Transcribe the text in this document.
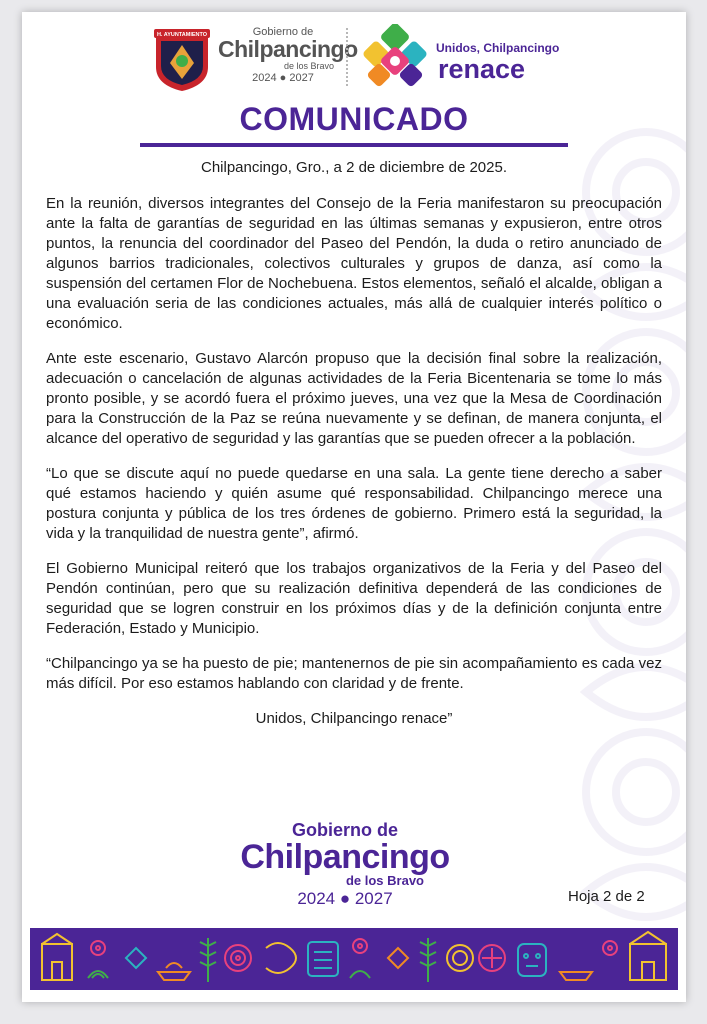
H. AYUNTAMIENTO	Gobierno de
Chilpancingo
de los Bravo
2024 ● 2027
Unidos, Chilpancingo
renace
COMUNICADO

Chilpancingo, Gro., a 2 de diciembre de 2025.

En la reunión, diversos integrantes del Consejo de la Feria manifestaron su preocupación ante la falta de garantías de seguridad en las últimas semanas y expusieron, entre otros puntos, la renuncia del coordinador del Paseo del Pendón, la duda o retiro anunciado de algunos barrios tradicionales, colectivos culturales y grupos de danza, así como la suspensión del certamen Flor de Nochebuena. Estos elementos, señaló el alcalde, obligan a una evaluación seria de las condiciones actuales, más allá de cualquier interés político o económico.

Ante este escenario, Gustavo Alarcón propuso que la decisión final sobre la realización, adecuación o cancelación de algunas actividades de la Feria Bicentenaria se tome lo más pronto posible, y se acordó fuera el próximo jueves, una vez que la Mesa de Coordinación para la Construcción de la Paz se reúna nuevamente y se definan, de manera conjunta, el alcance del operativo de seguridad y las garantías que se pueden ofrecer a la población.

“Lo que se discute aquí no puede quedarse en una sala. La gente tiene derecho a saber qué estamos haciendo y quién asume qué responsabilidad. Chilpancingo merece una postura conjunta y pública de los tres órdenes de gobierno. Primero está la seguridad, la vida y la tranquilidad de nuestra gente”, afirmó.

El Gobierno Municipal reiteró que los trabajos organizativos de la Feria y del Paseo del Pendón continúan, pero que su realización definitiva dependerá de las condiciones de seguridad que se logren construir en los próximos días y de la definición conjunta entre Federación, Estado y Municipio.

“Chilpancingo ya se ha puesto de pie; mantenernos de pie sin acompañamiento es cada vez más difícil. Por eso estamos hablando con claridad y de frente.

Unidos, Chilpancingo renace”

Gobierno de
Chilpancingo
de los Bravo
2024 ● 2027	Hoja 2 de 2
